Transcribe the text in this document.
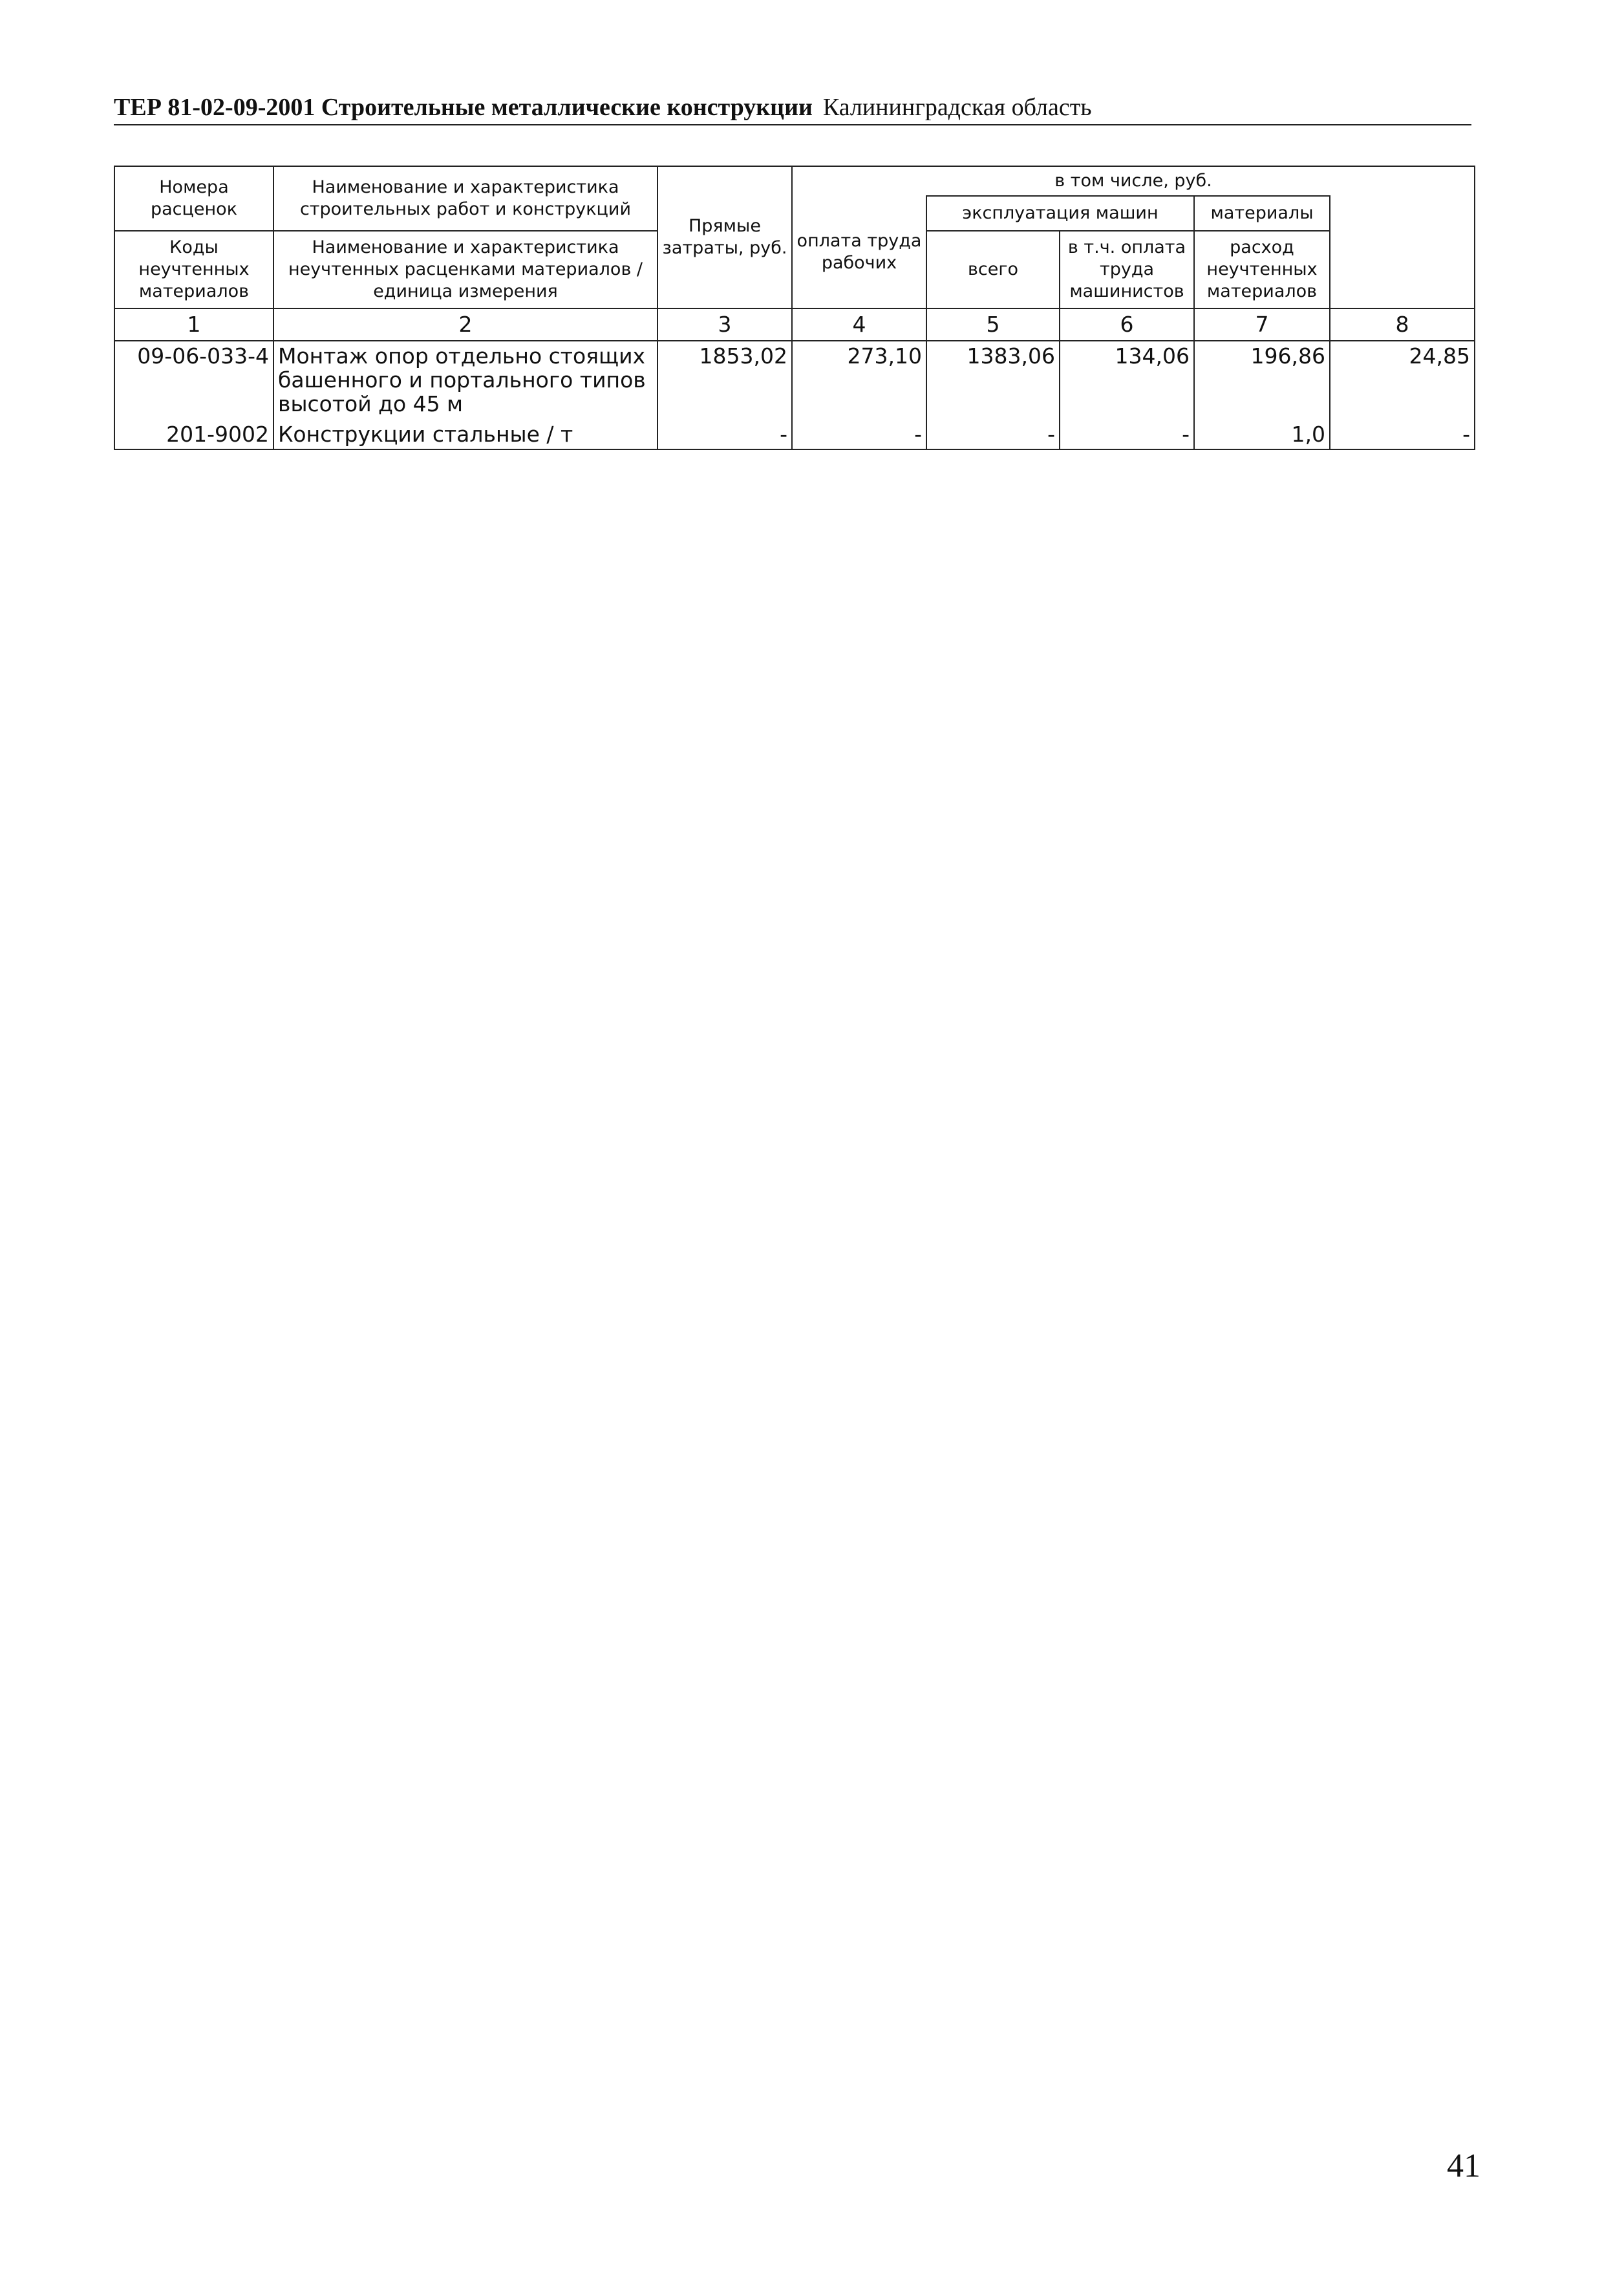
ТЕР 81-02-09-2001 Строительные металлические конструкции Калининградская область
Номера расценок	Наименование и характеристика строительных работ и конструкций	Прямые затраты, руб.	в том числе, руб.	
			оплата труда рабочих	эксплуатация машин		материалы		
Коды неучтенных материалов	Наименование и характеристика неучтенных расценками материалов / единица измерения			всего	в т.ч. оплата труда машинистов	расход неучтенных материалов		

1	2	3	4	5	6	7	8	
09-06-033-4	Монтаж опор отдельно стоящих башенного и портального типов высотой до 45 м	1853,02	273,10	1383,06	134,06	196,86	24,85	
201-9002	Конструкции стальные / т	-	-	-	-	1,0	-	
41
